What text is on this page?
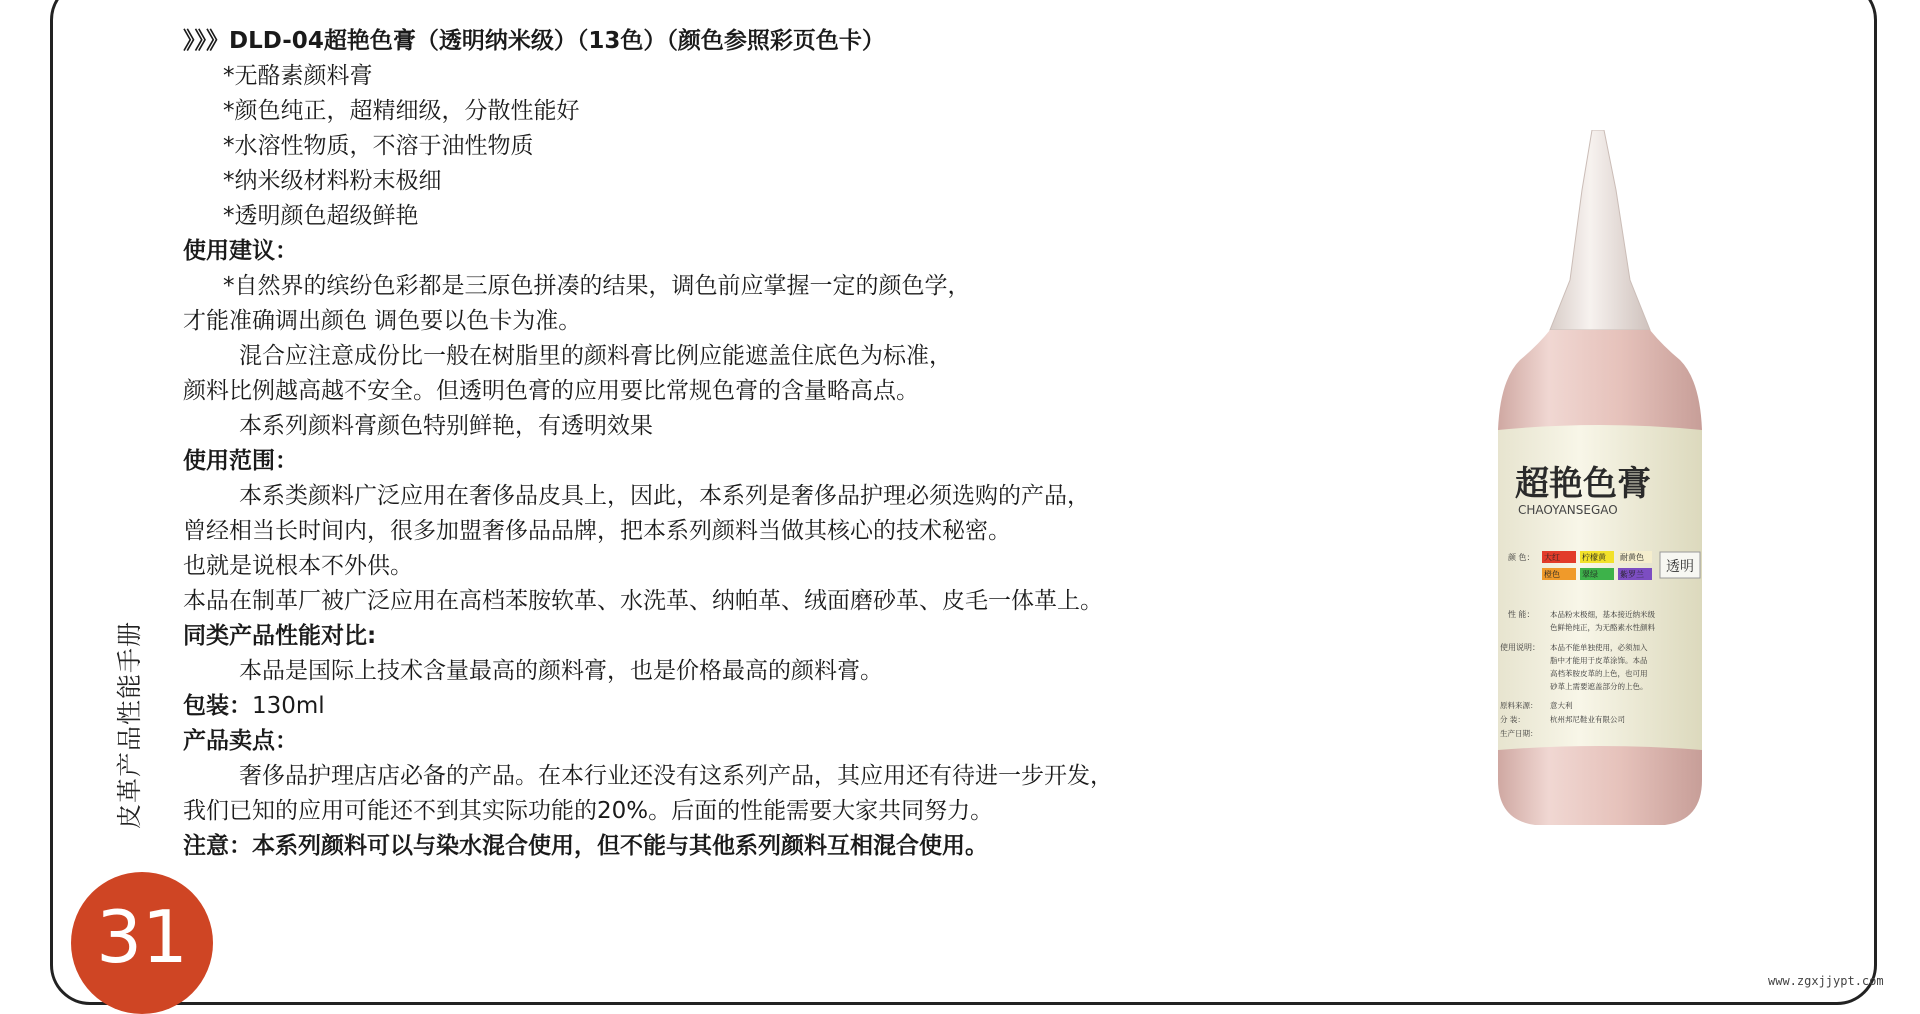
皮革产品性能手册
31
》》》DLD-04超艳色膏（透明纳米级）（13色）（颜色参照彩页色卡）
*无酪素颜料膏
*颜色纯正，超精细级，分散性能好
*水溶性物质，不溶于油性物质
*纳米级材料粉末极细
*透明颜色超级鲜艳
使用建议：
*自然界的缤纷色彩都是三原色拼凑的结果，调色前应掌握一定的颜色学，
才能准确调出颜色 调色要以色卡为准。
混合应注意成份比一般在树脂里的颜料膏比例应能遮盖住底色为标准，
颜料比例越高越不安全。但透明色膏的应用要比常规色膏的含量略高点。
本系列颜料膏颜色特别鲜艳，有透明效果
使用范围：
本系类颜料广泛应用在奢侈品皮具上，因此，本系列是奢侈品护理必须选购的产品，
曾经相当长时间内，很多加盟奢侈品品牌，把本系列颜料当做其核心的技术秘密。
也就是说根本不外供。
本品在制革厂被广泛应用在高档苯胺软革、水洗革、纳帕革、绒面磨砂革、皮毛一体革上。
同类产品性能对比:
本品是国际上技术含量最高的颜料膏，也是价格最高的颜料膏。
包装：130ml
产品卖点：
奢侈品护理店店必备的产品。在本行业还没有这系列产品，其应用还有待进一步开发，
我们已知的应用可能还不到其实际功能的20%。后面的性能需要大家共同努力。
注意：本系列颜料可以与染水混合使用，但不能与其他系列颜料互相混合使用。
超艳色膏
CHAOYANSEGAO
颜 色： 大红	柠檬黄 耐黄色
橙色	翠绿	紫罗兰 透明
性 能： 本品粉末极细，基本接近纳米级
色鲜艳纯正，为无酪素水性颜料
使用说明： 本品不能单独使用，必须加入
脂中才能用于皮革涂饰。本品
高档苯胺皮革的上色，也可用
砂革上需要遮盖部分的上色。
原料来源： 意大利
分 装：	杭州邦尼鞋业有限公司
生产日期：
www.zgxjjypt.com
